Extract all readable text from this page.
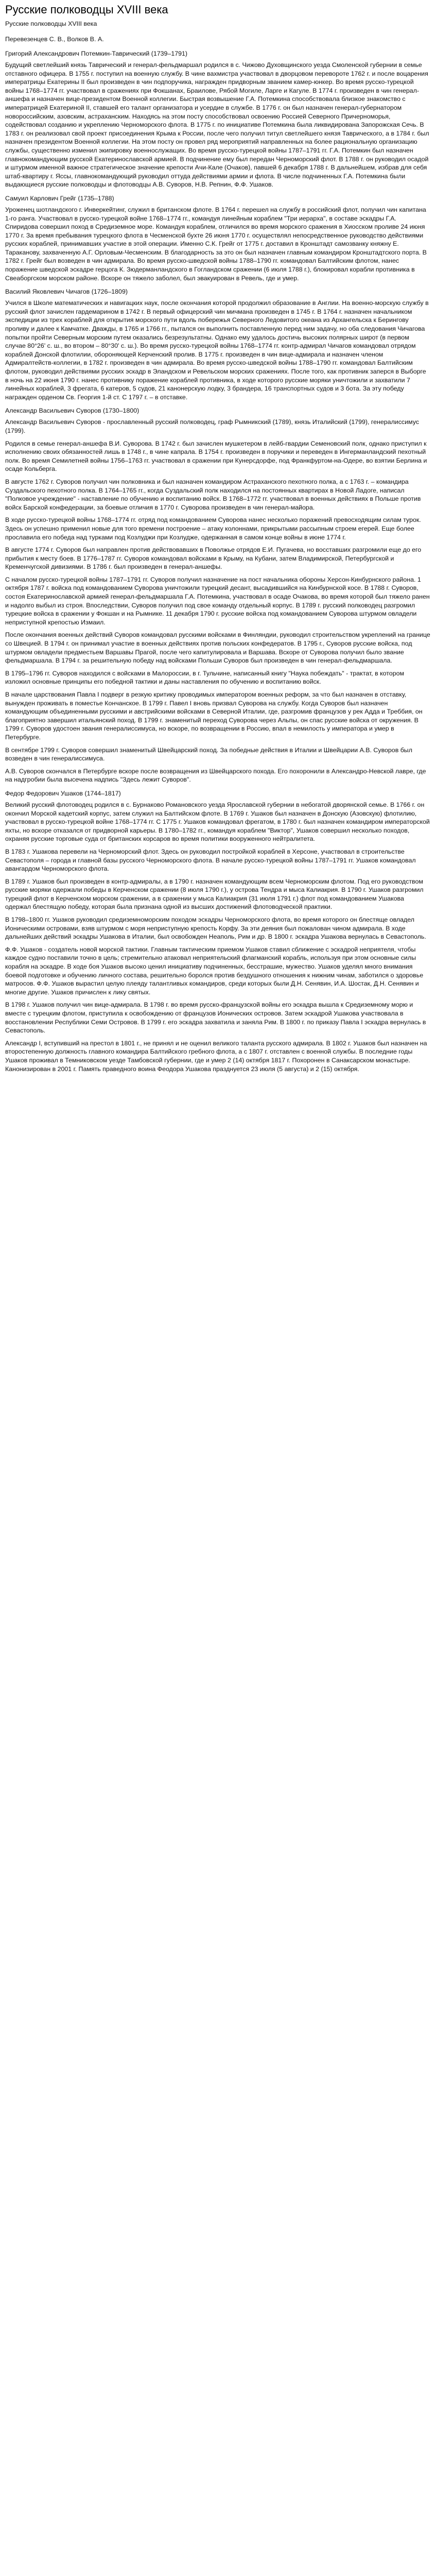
Русские полководцы XVIII века
Русские полководцы XVIII века
Перевезенцев С. В., Волков В. А.
Григорий Александрович Потемкин-Таврический (1739–1791)

Будущий светлейший князь Таврический и генерал-фельдмаршал родился в с. Чижово Духовщинского уезда Смоленской губернии в семье отставного офицера. В 1755 г. поступил на военную службу. В чине вахмистра участвовал в дворцовом перевороте 1762 г. и после воцарения императрицы Екатерины II был произведен в чин подпоручика, награжден придворным званием камер-юнкер. Во время русско-турецкой войны 1768–1774 гг. участвовал в сражениях при Фокшанах, Браилове, Рябой Могиле, Ларге и Кагуле. В 1774 г. произведен в чин генерал-аншефа и назначен вице-президентом Военной коллегии. Быстрая возвышение Г.А. Потемкина способствовала близкое знакомство с императрицей Екатериной II, ставшей его талант организатора и усердие в службе. В 1776 г. он был назначен генерал-губернатором новороссийским, азовским, астраханским. Находясь на этом посту способствовал освоению Россией Северного Причерноморья, содействовал созданию и укреплению Черноморского флота. В 1775 г. по инициативе Потемкина была ликвидирована Запорожская Сечь. В 1783 г. он реализовал свой проект присоединения Крыма к России, после чего получил титул светлейшего князя Таврического, а в 1784 г. был назначен президентом Военной коллегии. На этом посту он провел ряд мероприятий направленных на более рациональную организацию службы, существенно изменил экипировку военнослужащих. Во время русско-турецкой войны 1787–1791 гг. Г.А. Потемкин был назначен главнокомандующим русской Екатеринославской армией. В подчинение ему был передан Черноморский флот. В 1788 г. он руководил осадой и штурмом именной важное стратегическое значение крепости Ачи-Кале (Очаков), павшей 6 декабря 1788 г. В дальнейшем, избрав для себя штаб-квартиру г. Яссы, главнокомандующий руководил оттуда действиями армии и флота. В числе подчиненных Г.А. Потемкина были выдающиеся русские полководцы и флотоводцы А.В. Суворов, Н.В. Репнин, Ф.Ф. Ушаков.

Самуил Карлович Грейг (1735–1788)

Уроженец шотландского г. Инверкейтинг, служил в британском флоте. В 1764 г. перешел на службу в российский флот, получил чин капитана 1-го ранга. Участвовал в русско-турецкой войне 1768–1774 гг., командуя линейным кораблем "Три иерарха", в составе эскадры Г.А. Спиридова совершил поход в Средиземное море. Командуя кораблем, отличился во время морского сражения в Хиосском проливе 24 июня 1770 г. За время пребывания турецкого флота в Чесменской бухте 26 июня 1770 г. осуществлял непосредственное руководство действиями русских кораблей, принимавших участие в этой операции. Именно С.К. Грейг от 1775 г. доставил в Кронштадт самозванку княжну Е. Тараканову, захваченную А.Г. Орловым-Чесменским. В благодарность за это он был назначен главным командиром Кронштадтского порта. В 1782 г. Грейг был возведен в чин адмирала. Во время русско-шведской войны 1788–1790 гг. командовал Балтийским флотом, нанес поражение шведской эскадре герцога К. Зюдерманландского в Гогландском сражении (6 июля 1788 г.), блокировал корабли противника в Свеаборгском морском районе. Вскоре он тяжело заболел, был эвакуирован в Ревель, где и умер.

Василий Яковлевич Чичагов (1726–1809)

Учился в Школе математических и навигацких наук, после окончания которой продолжил образование в Англии. На военно-морскую службу в русский флот зачислен гардемарином в 1742 г. В первый офицерский чин мичмана произведен в 1745 г. В 1764 г. назначен начальником экспедиции из трех кораблей для открытия морского пути вдоль побережья Северного Ледовитого океана из Архангельска к Берингову проливу и далее к Камчатке. Дважды, в 1765 и 1766 гг., пытался он выполнить поставленную перед ним задачу, но оба следования Чичагова попытки пройти Северным морским путем оказались безрезультатны. Однако ему удалось достичь высоких полярных широт (в первом случае 80°26' с. ш., во втором – 80°30' с. ш.). Во время русско-турецкой войны 1768–1774 гг. контр-адмирал Чичагов командовал отрядом кораблей Донской флотилии, обороняющей Керченский пролив. В 1775 г. произведен в чин вице-адмирала и назначен членом Адмиралтейств-коллегии, в 1782 г. произведен в чин адмирала. Во время русско-шведской войны 1788–1790 гг. командовал Балтийским флотом, руководил действиями русских эскадр в Эландском и Ревельском морских сражениях. После того, как противник заперся в Выборге в ночь на 22 июня 1790 г. нанес противнику поражение кораблей противника, в ходе которого русские моряки уничтожили и захватили 7 линейных кораблей, 3 фрегата, 6 катеров, 5 судов, 21 канонерскую лодку, 3 брандера, 16 транспортных судов и 3 бота. За эту победу награжден орденом Св. Георгия 1-й ст. С 1797 г. – в отставке.

Александр Васильевич Суворов (1730–1800)

Александр Васильевич Суворов - прославленный русский полководец, граф Рымникский (1789), князь Италийский (1799), генералиссимус (1799).

Родился в семье генерал-аншефа В.И. Суворова. В 1742 г. был зачислен мушкетером в лейб-гвардии Семеновский полк, однако приступил к исполнению своих обязанностей лишь в 1748 г., в чине капрала. В 1754 г. произведен в поручики и переведен в Ингерманландский пехотный полк. Во время Семилетней войны 1756–1763 гг. участвовал в сражении при Кунерсдорфе, под Франкфуртом-на-Одере, во взятии Берлина и осаде Кольберга.

В августе 1762 г. Суворов получил чин полковника и был назначен командиром Астраханского пехотного полка, а с 1763 г. – командира Суздальского пехотного полка. В 1764–1765 гг., когда Суздальский полк находился на постоянных квартирах в Новой Ладоге, написал "Полковое учреждение" - наставление по обучению и воспитанию войск. В 1768–1772 гг. участвовал в военных действиях в Польше против войск Барской конфедерации, за боевые отличия в 1770 г. Суворова произведен в чин генерал-майора.

В ходе русско-турецкой войны 1768–1774 гг. отряд под командованием Суворова нанес несколько поражений превосходящим силам турок. Здесь он успешно применил новые для того времени построение – атаку колоннами, прикрытыми рассыпным строем егерей. Еще более прославила его победа над турками под Козлуджи при Козлудже, одержанная в самом конце войны в июне 1774 г.

В августе 1774 г. Суворов был направлен против действовавших в Поволжье отрядов Е.И. Пугачева, но восставших разгромили еще до его прибытия к месту боев. В 1776–1787 гг. Суворов командовал войсками в Крыму, на Кубани, затем Владимирской, Петербургской и Кременчугской дивизиями. В 1786 г. был произведен в генерал-аншефы.

С началом русско-турецкой войны 1787–1791 гг. Суворов получил назначение на пост начальника обороны Херсон-Кинбурнского района. 1 октября 1787 г. войска под командованием Суворова уничтожили турецкий десант, высадившийся на Кинбурнской косе. В 1788 г. Суворов, состоя Екатеринославской армией генерал-фельдмаршала Г.А. Потемкина, участвовал в осаде Очакова, во время которой был тяжело ранен и надолго выбыл из строя. Впоследствии, Суворов получил под свое команду отдельный корпус. В 1789 г. русский полководец разгромил турецкие войска в сражении у Фокшан и на Рымнике. 11 декабря 1790 г. русские войска под командованием Суворова штурмом овладели неприступной крепостью Измаил.

После окончания военных действий Суворов командовал русскими войсками в Финляндии, руководил строительством укреплений на границе со Швецией. В 1794 г. он принимал участие в военных действиях против польских конфедератов. В 1795 г., Суворов русские войска, под штурмом овладели предместьем Варшавы Прагой, после чего капитулировала и Варшава. Вскоре от Суворова получил было звание фельдмаршала. В 1794 г. за решительную победу над войсками Польши Суворов был произведен в чин генерал-фельдмаршала.

В 1795–1796 гг. Суворов находился с войсками в Малороссии, в г. Тульчине, написанный книгу "Наука побеждать" - трактат, в котором изложил основные принципы его победной тактики и даны наставления по обучению и воспитанию войск.

В начале царствования Павла I подверг в резкую критику проводимых императором военных реформ, за что был назначен в отставку, вынужден проживать в поместье Кончанское. В 1799 г. Павел I вновь призвал Суворова на службу. Когда Суворов был назначен командующим объединенными русскими и австрийскими войсками в Северной Италии, где, разгромив французов у рек Адда и Треббия, он благоприятно завершил итальянский поход. В 1799 г. знаменитый переход Суворова через Альпы, он спас русские войска от окружения. В 1799 г. Суворов удостоен звания генералиссимуса, но вскоре, по возвращении в Россию, впал в немилость у императора и умер в Петербурге.

В сентябре 1799 г. Суворов совершил знаменитый Швейцарский поход. За победные действия в Италии и Швейцарии А.В. Суворов был возведен в чин генералиссимуса.

А.В. Суворов скончался в Петербурге вскоре после возвращения из Швейцарского похода. Его похоронили в Александро-Невской лавре, где на надгробии была высечена надпись "Здесь лежит Суворов".

Федор Федорович Ушаков (1744–1817)

Великий русский флотоводец родился в с. Бурнаково Романовского уезда Ярославской губернии в небогатой дворянской семье. В 1766 г. он окончил Морской кадетский корпус, затем служил на Балтийском флоте. В 1769 г. Ушаков был назначен в Донскую (Азовскую) флотилию, участвовал в русско-турецкой войне 1768–1774 гг. С 1775 г. Ушаков командовал фрегатом, в 1780 г. был назначен командиром императорской яхты, но вскоре отказался от придворной карьеры. В 1780–1782 гг., командуя кораблем "Виктор", Ушаков совершил несколько походов, охраняя русские торговые суда от британских корсаров во время политики вооруженного нейтралитета.

В 1783 г. Ушакова перевели на Черноморский флот. Здесь он руководил постройкой кораблей в Херсоне, участвовал в строительстве Севастополя – города и главной базы русского Черноморского флота. В начале русско-турецкой войны 1787–1791 гг. Ушаков командовал авангардом Черноморского флота.

В 1789 г. Ушаков был произведен в контр-адмиралы, а в 1790 г. назначен командующим всем Черноморским флотом. Под его руководством русские моряки одержали победы в Керченском сражении (8 июля 1790 г.), у острова Тендра и мыса Калиакрия. В 1790 г. Ушаков разгромил турецкий флот в Керченском морском сражении, а в сражении у мыса Калиакрия (31 июля 1791 г.) флот под командованием Ушакова одержал блестящую победу, которая была признана одной из высших достижений флотоводческой практики.

В 1798–1800 гг. Ушаков руководил средиземноморским походом эскадры Черноморского флота, во время которого он блестяще овладел Ионическими островами, взяв штурмом с моря неприступную крепость Корфу. За эти деяния был пожалован чином адмирала. В ходе дальнейших действий эскадры Ушакова в Италии, был освобожден Неаполь, Рим и др. В 1800 г. эскадра Ушакова вернулась в Севастополь.

Ф.Ф. Ушаков - создатель новой морской тактики. Главным тактическим приемом Ушаков ставил сближение с эскадрой неприятеля, чтобы каждое судно поставили точно в цель; стремительно атаковал неприятельский флагманский корабль, используя при этом основные силы корабля на эскадре. В ходе боя Ушаков высоко ценил инициативу подчиненных, бесстрашие, мужество. Ушаков уделял много внимания боевой подготовке и обучению личного состава, решительно боролся против бездушного отношения к нижним чинам, заботился о здоровье матросов. Ф.Ф. Ушаков вырастил целую плеяду талантливых командиров, среди которых были Д.Н. Сенявин, И.А. Шостак, Д.Н. Сенявин и многие другие. Ушаков причислен к лику святых.

В 1798 г. Ушаков получил чин вице-адмирала. В 1798 г. во время русско-французской войны его эскадра вышла к Средиземному морю и вместе с турецким флотом, приступила к освобождению от французов Ионических островов. Затем эскадрой Ушакова участвовала в восстановлении Республики Семи Островов. В 1799 г. его эскадра захватила и заняла Рим. В 1800 г. по приказу Павла I эскадра вернулась в Севастополь.

Александр I, вступивший на престол в 1801 г., не принял и не оценил великого таланта русского адмирала. В 1802 г. Ушаков был назначен на второстепенную должность главного командира Балтийского гребного флота, а с 1807 г. отставлен с военной службы. В последние годы Ушаков проживал в Темниковском уезде Тамбовской губернии, где и умер 2 (14) октября 1817 г. Похоронен в Санаксарском монастыре. Канонизирован в 2001 г. Память праведного воина Феодора Ушакова празднуется 23 июля (5 августа) и 2 (15) октября.
